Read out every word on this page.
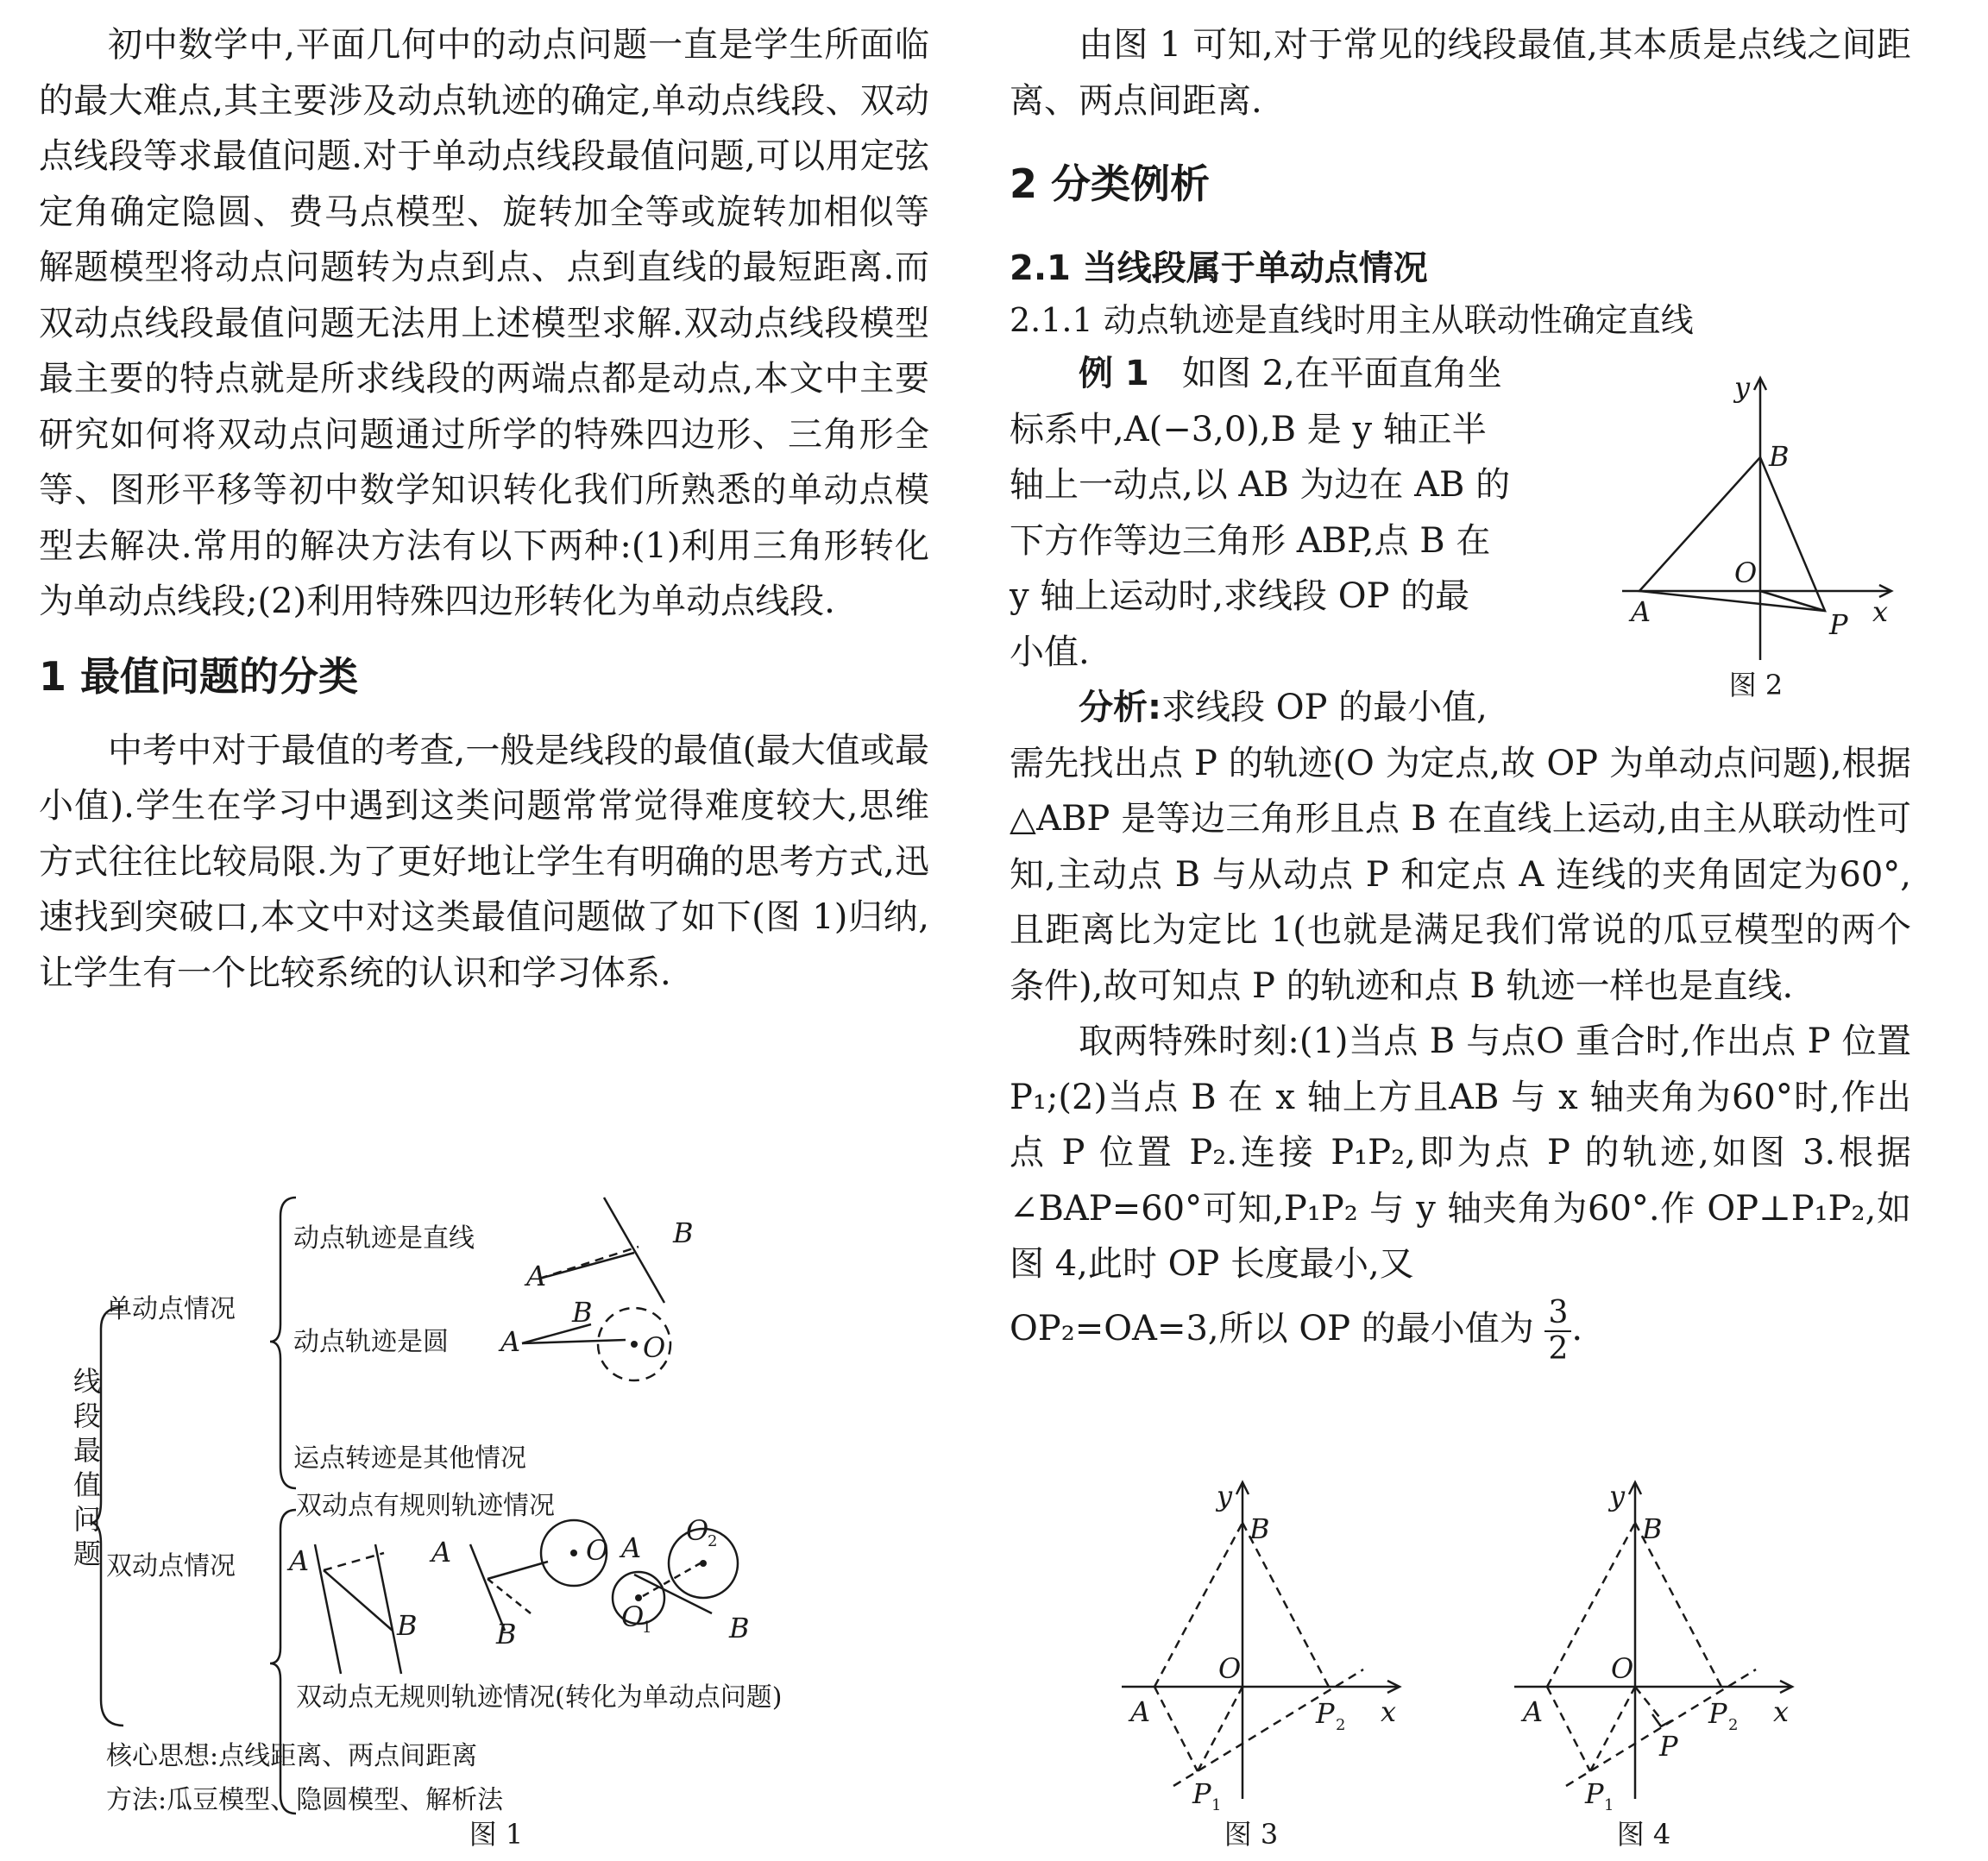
初中数学中,平面几何中的动点问题一直是学生所面临的最大难点,其主要涉及动点轨迹的确定,单动点线段、双动点线段等求最值问题.对于单动点线段最值问题,可以用定弦定角确定隐圆、费马点模型、旋转加全等或旋转加相似等解题模型将动点问题转为点到点、点到直线的最短距离.而双动点线段最值问题无法用上述模型求解.双动点线段模型最主要的特点就是所求线段的两端点都是动点,本文中主要研究如何将双动点问题通过所学的特殊四边形、三角形全等、图形平移等初中数学知识转化我们所熟悉的单动点模型去解决.常用的解决方法有以下两种:(1)利用三角形转化为单动点线段;(2)利用特殊四边形转化为单动点线段.

1 最值问题的分类

中考中对于最值的考查,一般是线段的最值(最大值或最小值).学生在学习中遇到这类问题常常觉得难度较大,思维方式往往比较局限.为了更好地让学生有明确的思考方式,迅速找到突破口,本文中对这类最值问题做了如下(图 1)归纳,让学生有一个比较系统的认识和学习体系.

线
段
最
值
问
题
单动点情况
双动点情况
动点轨迹是直线
动点轨迹是圆
运点转迹是其他情况
双动点有规则轨迹情况
双动点无规则轨迹情况(转化为单动点问题)
核心思想:点线距离、两点间距离
方法:瓜豆模型、隐圆模型、解析法
B
A
B
A	O
A
B
A
B
O A
B
O
O
2
1
图 1

由图 1 可知,对于常见的线段最值,其本质是点线之间距离、两点间距离.

2 分类例析
2.1 当线段属于单动点情况
2.1.1 动点轨迹是直线时用主从联动性确定直线
例 1 如图 2,在平面直角坐
标系中,A(−3,0),B 是 y 轴正半
轴上一动点,以 AB 为边在 AB 的
下方作等边三角形 ABP,点 B 在
y 轴上运动时,求线段 OP 的最
小值.
分析:求线段 OP 的最小值,

需先找出点 P 的轨迹(O 为定点,故 OP 为单动点问题),根据△ABP 是等边三角形且点 B 在直线上运动,由主从联动性可知,主动点 B 与从动点 P 和定点 A 连线的夹角固定为60°,且距离比为定比 1(也就是满足我们常说的瓜豆模型的两个条件),故可知点 P 的轨迹和点 B 轨迹一样也是直线.

取两特殊时刻:(1)当点 B 与点O 重合时,作出点 P 位置 P₁;(2)当点 B 在 x 轴上方且AB 与 x 轴夹角为60°时,作出点 P 位置 P₂.连接 P₁P₂,即为点 P 的轨迹,如图 3.根据∠BAP=60°可知,P₁P₂ 与 y 轴夹角为60°.作 OP⊥P₁P₂,如图 4,此时 OP 长度最小,又

OP₂=OA=3,所以 OP 的最小值为 $\frac{3}{2}$ .
y
x
B
O
A	P
图 2
y
x
B
O
A	P
P
2
1
图 3
y
x
B
O
A	P
P
P
2
1
图 4
